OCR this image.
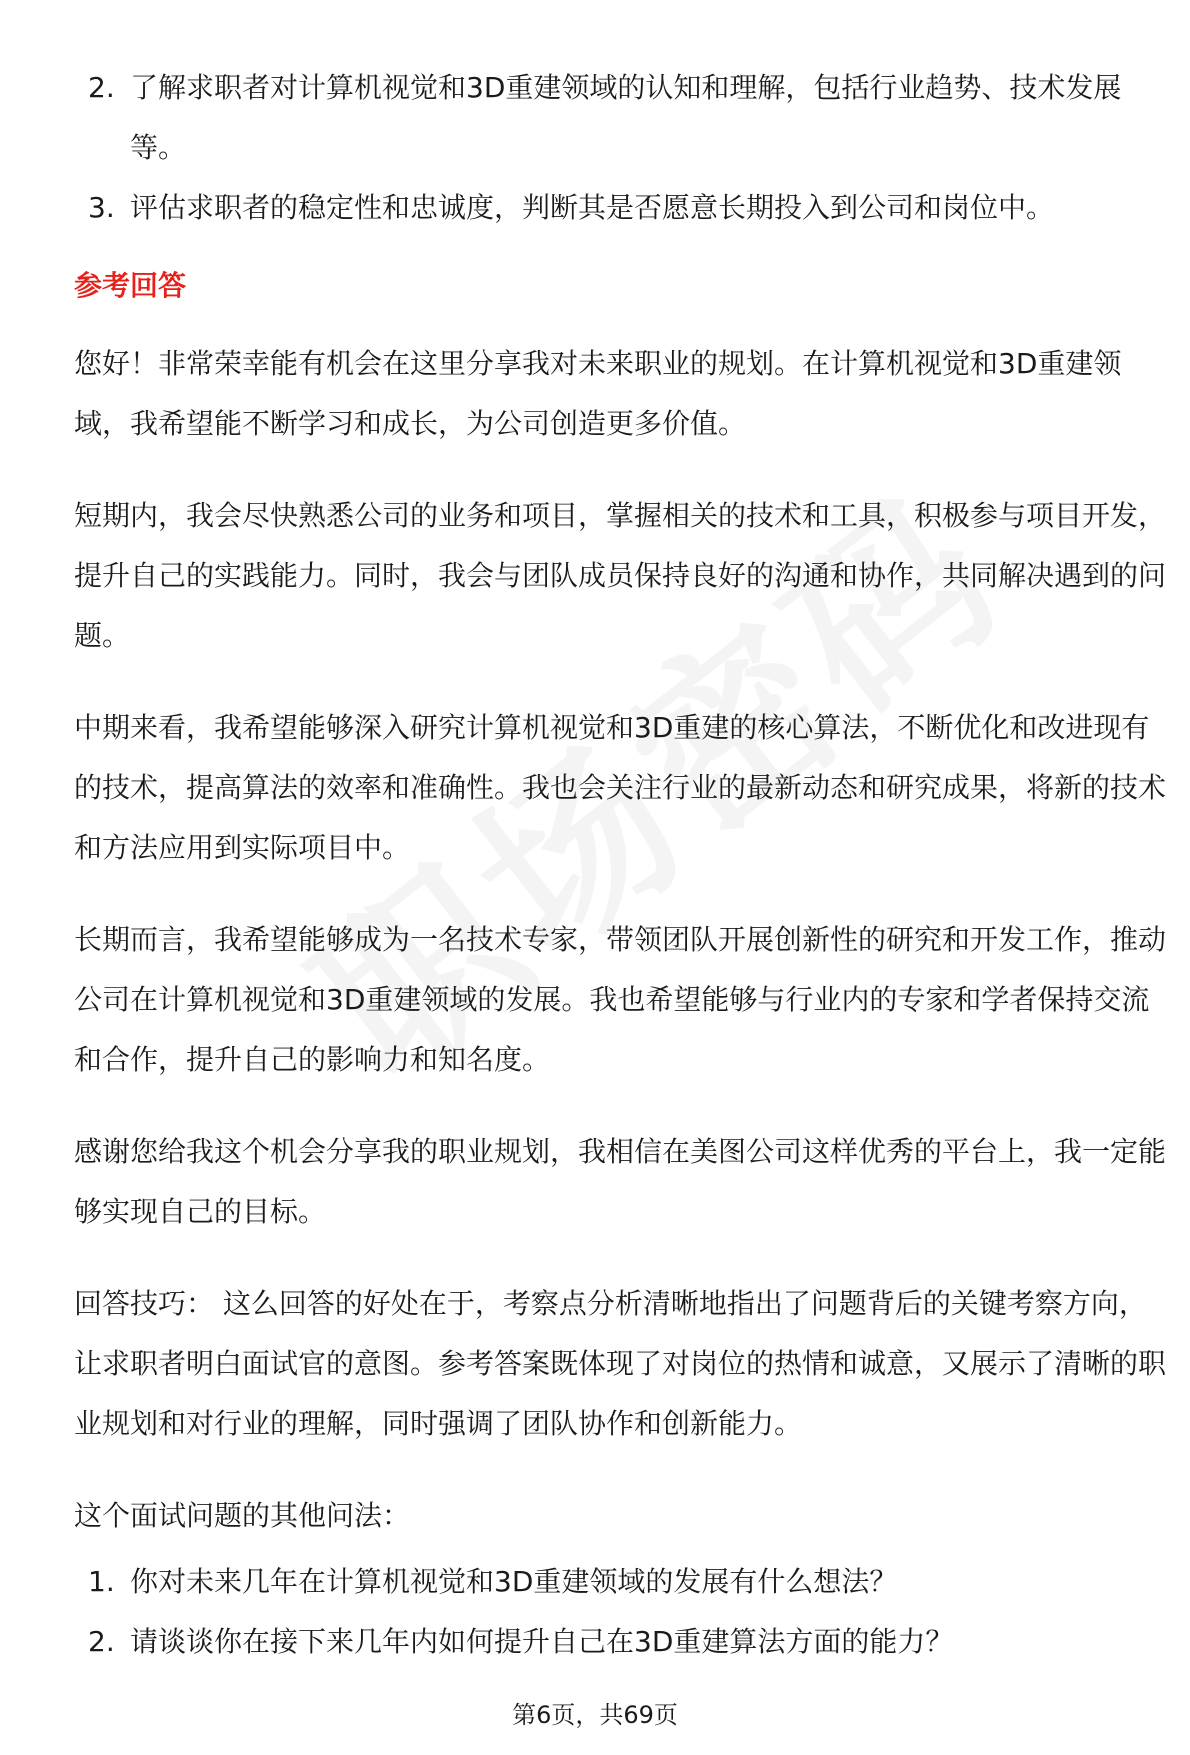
2. 了解求职者对计算机视觉和3D重建领域的认知和理解，包括行业趋势、技术发展等。
3. 评估求职者的稳定性和忠诚度，判断其是否愿意长期投入到公司和岗位中。
参考回答

您好！非常荣幸能有机会在这里分享我对未来职业的规划。在计算机视觉和3D重建领域，我希望能不断学习和成长，为公司创造更多价值。

短期内，我会尽快熟悉公司的业务和项目，掌握相关的技术和工具，积极参与项目开发，提升自己的实践能力。同时，我会与团队成员保持良好的沟通和协作，共同解决遇到的问题。

中期来看，我希望能够深入研究计算机视觉和3D重建的核心算法，不断优化和改进现有的技术，提高算法的效率和准确性。我也会关注行业的最新动态和研究成果，将新的技术和方法应用到实际项目中。

长期而言，我希望能够成为一名技术专家，带领团队开展创新性的研究和开发工作，推动公司在计算机视觉和3D重建领域的发展。我也希望能够与行业内的专家和学者保持交流和合作，提升自己的影响力和知名度。

感谢您给我这个机会分享我的职业规划，我相信在美图公司这样优秀的平台上，我一定能够实现自己的目标。

回答技巧： 这么回答的好处在于，考察点分析清晰地指出了问题背后的关键考察方向，让求职者明白面试官的意图。参考答案既体现了对岗位的热情和诚意，又展示了清晰的职业规划和对行业的理解，同时强调了团队协作和创新能力。

这个面试问题的其他问法：

1. 你对未来几年在计算机视觉和3D重建领域的发展有什么想法？
2. 请谈谈你在接下来几年内如何提升自己在3D重建算法方面的能力？
第6页，共69页
